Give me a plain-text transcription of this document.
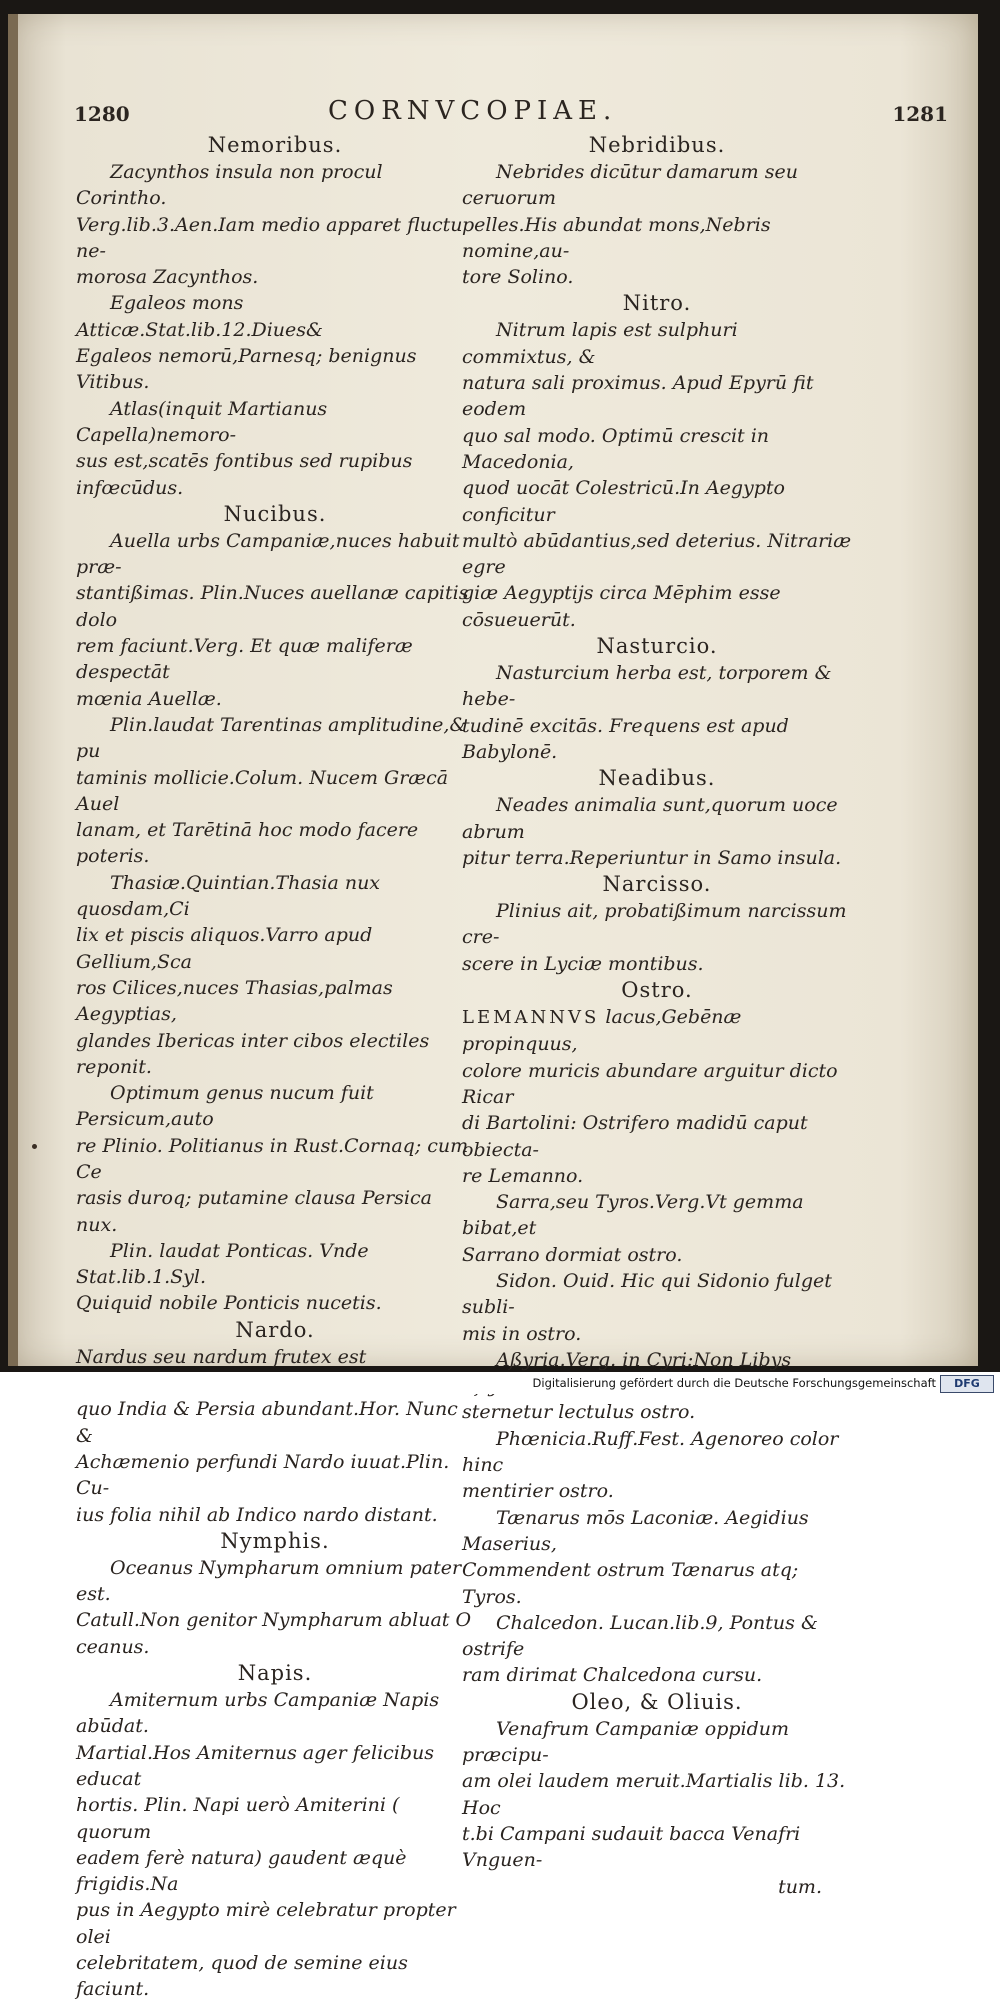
1280	CORNVCOPIAE.	1281
Nemoribus.
Zacynthos insula non procul Corintho.
Verg.lib.3.Aen.Iam medio apparet fluctu ne-
morosa Zacynthos.
Egaleos mons Atticæ.Stat.lib.12.Diues&
Egaleos nemorū,Parnesq; benignus Vitibus.
Atlas(inquit Martianus Capella)nemoro-
sus est,scatēs fontibus sed rupibus infœcūdus.
Nucibus.
Auella urbs Campaniæ,nuces habuit præ-
stantißimas. Plin.Nuces auellanæ capitis dolo
rem faciunt.Verg. Et quæ maliferæ despectāt
mœnia Auellæ.
Plin.laudat Tarentinas amplitudine,& pu
taminis mollicie.Colum. Nucem Græcā Auel
lanam, et Tarētinā hoc modo facere poteris.
Thasiæ.Quintian.Thasia nux quosdam,Ci
lix et piscis aliquos.Varro apud Gellium,Sca
ros Cilices,nuces Thasias,palmas Aegyptias,
glandes Ibericas inter cibos electiles reponit.
Optimum genus nucum fuit Persicum,auto
re Plinio. Politianus in Rust.Cornaq; cum Ce
rasis duroq; putamine clausa Persica nux.
Plin. laudat Ponticas. Vnde Stat.lib.1.Syl.
Quiquid nobile Ponticis nucetis.
Nardo.
Nardus seu nardum frutex est
quo India & Persia abundant.Hor. Nunc &
Achæmenio perfundi Nardo iuuat.Plin. Cu-
ius folia nihil ab Indico nardo distant.
Nymphis.
Oceanus Nympharum omnium pater est.
Catull.Non genitor Nympharum abluat O
ceanus.
Napis.
Amiternum urbs Campaniæ Napis abūdat.
Martial.Hos Amiternus ager felicibus educat
hortis. Plin. Napi uerò Amiterini ( quorum
eadem ferè natura) gaudent æquè frigidis.Na
pus in Aegypto mirè celebratur propter olei
celebritatem, quod de semine eius faciunt.
Nebridibus.
Nebrides dicūtur damarum seu ceruorum
pelles.His abundat mons,Nebris nomine,au-
tore Solino.
Nitro.
Nitrum lapis est sulphuri commixtus, &
natura sali proximus. Apud Epyrū fit eodem
quo sal modo. Optimū crescit in Macedonia,
quod uocāt Colestricū.In Aegypto conficitur
multò abūdantius,sed deterius. Nitrariæ egre
giæ Aegyptijs circa Mēphim esse cōsueuerūt.
Nasturcio.
Nasturcium herba est, torporem & hebe-
tudinē excitās. Frequens est apud Babylonē.
Neadibus.
Neades animalia sunt,quorum uoce abrum
pitur terra.Reperiuntur in Samo insula.
Narcisso.
Plinius ait, probatißimum narcissum cre-
scere in Lyciæ montibus.
Ostro.
LEMANNVS lacus,Gebēnæ propinquus,
colore muricis abundare arguitur dicto Ricar
di Bartolini: Ostrifero madidū caput obiecta-
re Lemanno.
Sarra,seu Tyros.Verg.Vt gemma bibat,et
Sarrano dormiat ostro.
Sidon. Ouid. Hic qui Sidonio fulget subli-
mis in ostro.
Aßyria.Verg. in Cyri:Non Libys
sternetur lectulus ostro.
Phœnicia.Ruff.Fest. Agenoreo color hinc
mentirier ostro.
Tænarus mōs Laconiæ. Aegidius Maserius,
Commendent ostrum Tænarus atq; Tyros.
Chalcedon. Lucan.lib.9, Pontus & ostrife
ram dirimat Chalcedona cursu.
Oleo, & Oliuis.
Venafrum Campaniæ oppidum præcipu-
am olei laudem meruit.Martialis lib. 13. Hoc
t.bi Campani sudauit bacca Venafri Vnguen-
tum.
Digitalisierung gefördert durch die Deutsche Forschungsgemeinschaft	DFG
